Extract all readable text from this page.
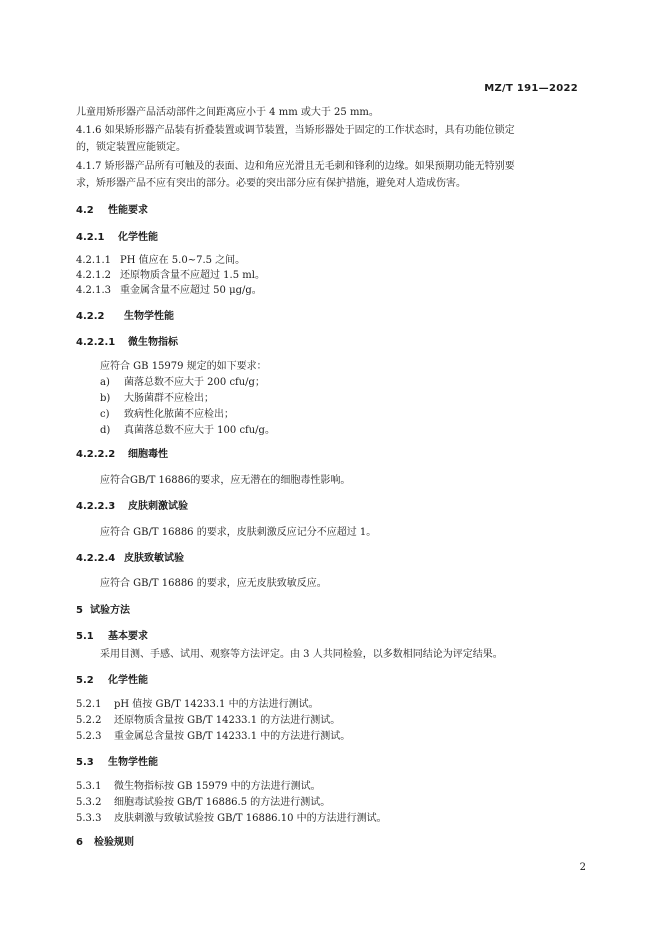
MZ/T 191—2022
儿童用矫形器产品活动部件之间距离应小于 4 mm 或大于 25 mm。
4.1.6 如果矫形器产品装有折叠装置或调节装置，当矫形器处于固定的工作状态时，具有功能位锁定
的，锁定装置应能锁定。
4.1.7 矫形器产品所有可触及的表面、边和角应光滑且无毛刺和锋利的边缘。如果预期功能无特别要
求，矫形器产品不应有突出的部分。必要的突出部分应有保护措施，避免对人造成伤害。
4.2 性能要求
4.2.1 化学性能
4.2.1.1 PH 值应在 5.0~7.5 之间。
4.2.1.2 还原物质含量不应超过 1.5 ml。
4.2.1.3 重金属含量不应超过 50 μg/g。
4.2.2 生物学性能
4.2.2.1 微生物指标
应符合 GB 15979 规定的如下要求：
a) 菌落总数不应大于 200 cfu/g；
b) 大肠菌群不应检出；
c) 致病性化脓菌不应检出；
d) 真菌落总数不应大于 100 cfu/g。
4.2.2.2 细胞毒性
应符合GB/T 16886的要求，应无潜在的细胞毒性影响。
4.2.2.3 皮肤刺激试验
应符合 GB/T 16886 的要求，皮肤刺激反应记分不应超过 1。
4.2.2.4 皮肤致敏试验
应符合 GB/T 16886 的要求，应无皮肤致敏反应。
5 试验方法
5.1 基本要求
采用目测、手感、试用、观察等方法评定。由 3 人共同检验，以多数相同结论为评定结果。
5.2 化学性能
5.2.1 pH 值按 GB/T 14233.1 中的方法进行测试。
5.2.2 还原物质含量按 GB/T 14233.1 的方法进行测试。
5.2.3 重金属总含量按 GB/T 14233.1 中的方法进行测试。
5.3 生物学性能
5.3.1 微生物指标按 GB 15979 中的方法进行测试。
5.3.2 细胞毒试验按 GB/T 16886.5 的方法进行测试。
5.3.3 皮肤刺激与致敏试验按 GB/T 16886.10 中的方法进行测试。
6 检验规则
2
